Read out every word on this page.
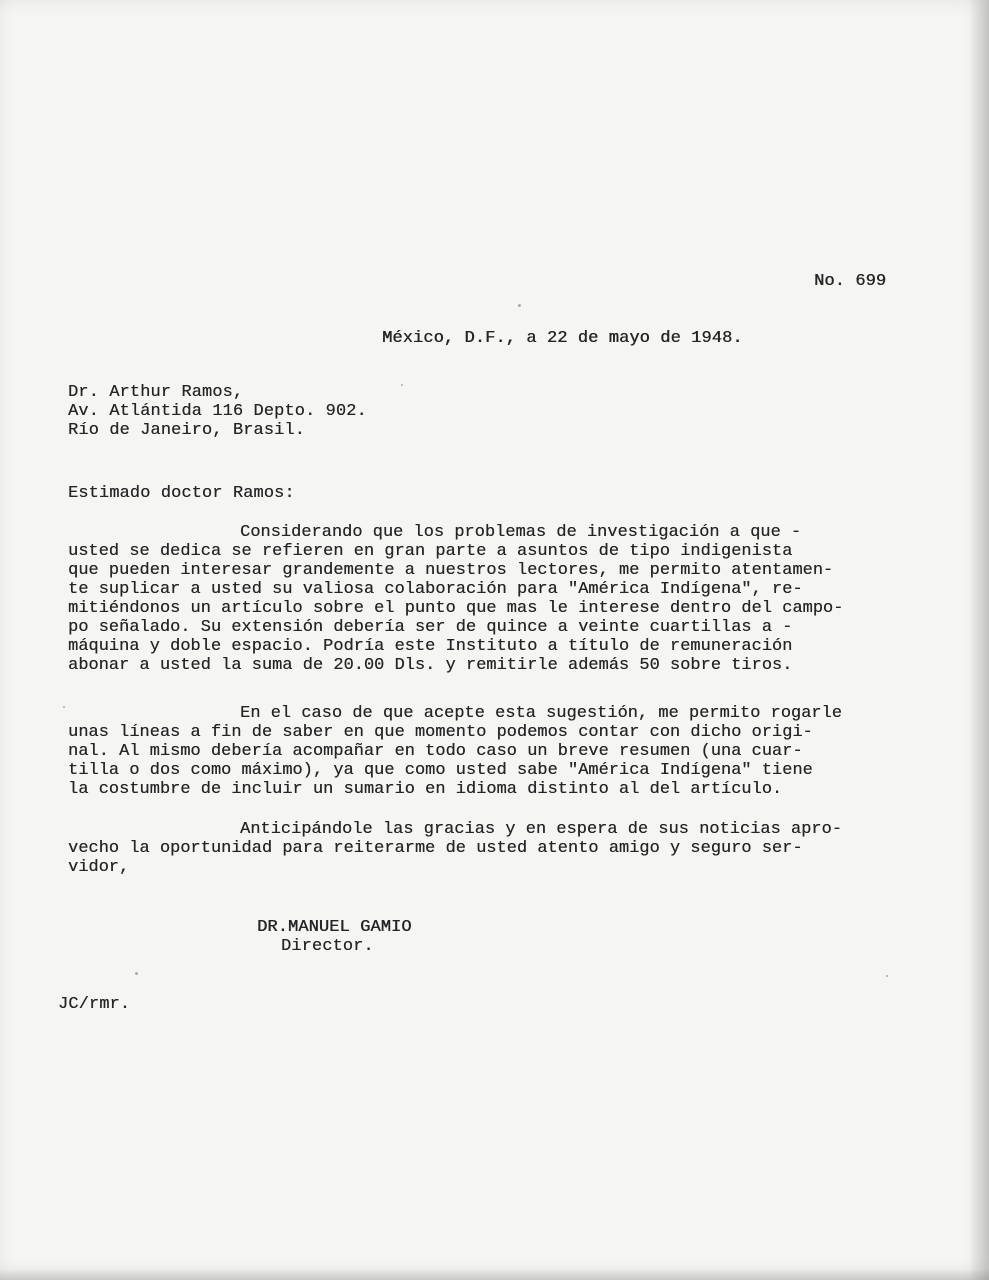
No. 699
México, D.F., a 22 de mayo de 1948.
Dr. Arthur Ramos,
Av. Atlántida 116 Depto. 902.
Río de Janeiro, Brasil.
Estimado doctor Ramos:
Considerando que los problemas de investigación a que -
usted se dedica se refieren en gran parte a asuntos de tipo indigenista
que pueden interesar grandemente a nuestros lectores, me permito atentamen-
te suplicar a usted su valiosa colaboración para "América Indígena", re-
mitiéndonos un artículo sobre el punto que mas le interese dentro del campo-
po señalado. Su extensión debería ser de quince a veinte cuartillas a -
máquina y doble espacio. Podría este Instituto a título de remuneración
abonar a usted la suma de 20.00 Dls. y remitirle además 50 sobre tiros.
En el caso de que acepte esta sugestión, me permito rogarle
unas líneas a fin de saber en que momento podemos contar con dicho origi-
nal. Al mismo debería acompañar en todo caso un breve resumen (una cuar-
tilla o dos como máximo), ya que como usted sabe "América Indígena" tiene
la costumbre de incluir un sumario en idioma distinto al del artículo.
Anticipándole las gracias y en espera de sus noticias apro-
vecho la oportunidad para reiterarme de usted atento amigo y seguro ser-
vidor,
DR.MANUEL GAMIO
Director.
JC/rmr.
